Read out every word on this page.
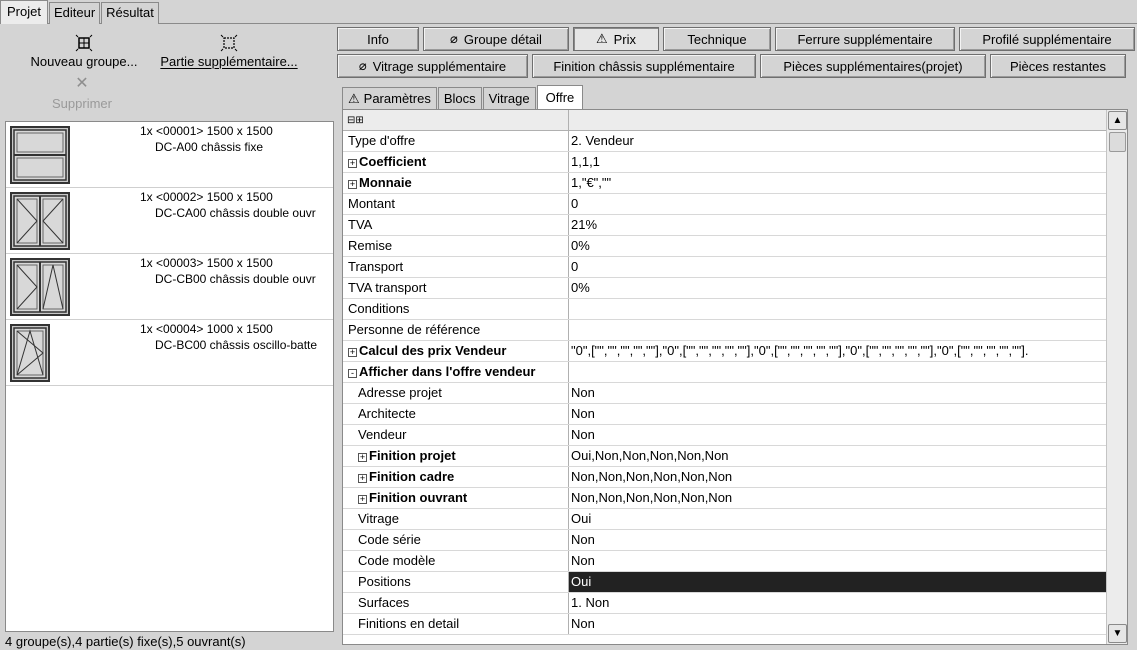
Projet	Editeur Résultat
Nouveau groupe...	Partie supplémentaire...
✕
Supprimer
1x <00001> 1500 x 1500
DC-A00 châssis fixe
1x <00002> 1500 x 1500
DC-CA00 châssis double ouvr
1x <00003> 1500 x 1500
DC-CB00 châssis double ouvr
1x <00004> 1000 x 1500
DC-BC00 châssis oscillo-batte
4 groupe(s),4 partie(s) fixe(s),5 ouvrant(s)
Info	⌀ Groupe détail	⚠ Prix	Technique	Ferrure supplémentaire	Profilé supplémentaire
⌀ Vitrage supplémentaire	Finition châssis supplémentaire	Pièces supplémentaires(projet)	Pièces restantes
⚠ Paramètres Blocs Vitrage Offre
⊟⊞
Type d'offre	2. Vendeur
+ Coefficient	1,1,1
+ Monnaie	1,"€",""
Montant	0
TVA	21%
Remise	0%
Transport	0
TVA transport	0%
Conditions
Personne de référence
+ Calcul des prix Vendeur	"0",["","","","",""],"0",["","","","",""],"0",["","","","",""],"0",["","","","",""],"0",["","","","",""].
- Afficher dans l'offre vendeur
Adresse projet	Non
Architecte	Non
Vendeur	Non
+ Finition projet	Oui,Non,Non,Non,Non,Non
+ Finition cadre	Non,Non,Non,Non,Non,Non
+ Finition ouvrant	Non,Non,Non,Non,Non,Non
Vitrage	Oui
Code série	Non
Code modèle	Non
Positions	Oui
Surfaces	1. Non
Finitions en detail	Non
▲
▼
